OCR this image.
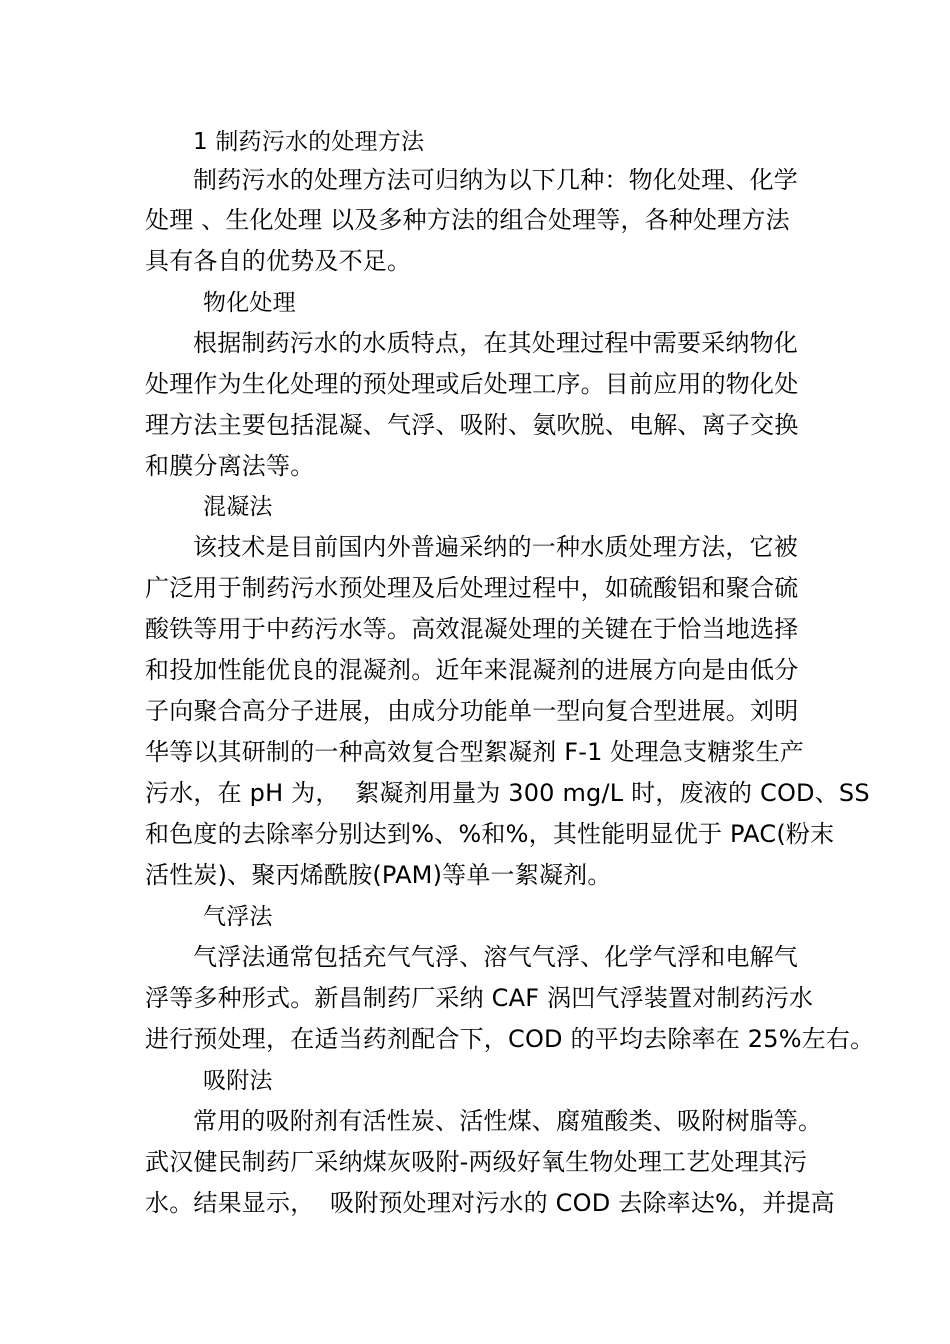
1 制药污水的处理方法
制药污水的处理方法可归纳为以下几种：物化处理、化学
处理 、生化处理 以及多种方法的组合处理等，各种处理方法
具有各自的优势及不足。
物化处理
根据制药污水的水质特点，在其处理过程中需要采纳物化
处理作为生化处理的预处理或后处理工序。目前应用的物化处
理方法主要包括混凝、气浮、吸附、氨吹脱、电解、离子交换
和膜分离法等。
混凝法
该技术是目前国内外普遍采纳的一种水质处理方法，它被
广泛用于制药污水预处理及后处理过程中，如硫酸铝和聚合硫
酸铁等用于中药污水等。高效混凝处理的关键在于恰当地选择
和投加性能优良的混凝剂。近年来混凝剂的进展方向是由低分
子向聚合高分子进展，由成分功能单一型向复合型进展。刘明
华等以其研制的一种高效复合型絮凝剂 F-1 处理急支糖浆生产
污水，在 pH 为，  絮凝剂用量为 300 mg/L 时，废液的 COD、SS
和色度的去除率分别达到%、%和%，其性能明显优于 PAC(粉末
活性炭)、聚丙烯酰胺(PAM)等单一絮凝剂。
气浮法
气浮法通常包括充气气浮、溶气气浮、化学气浮和电解气
浮等多种形式。新昌制药厂采纳 CAF 涡凹气浮装置对制药污水
进行预处理，在适当药剂配合下，COD 的平均去除率在 25%左右。
吸附法
常用的吸附剂有活性炭、活性煤、腐殖酸类、吸附树脂等。
武汉健民制药厂采纳煤灰吸附-两级好氧生物处理工艺处理其污
水。结果显示，  吸附预处理对污水的 COD 去除率达%，并提高
